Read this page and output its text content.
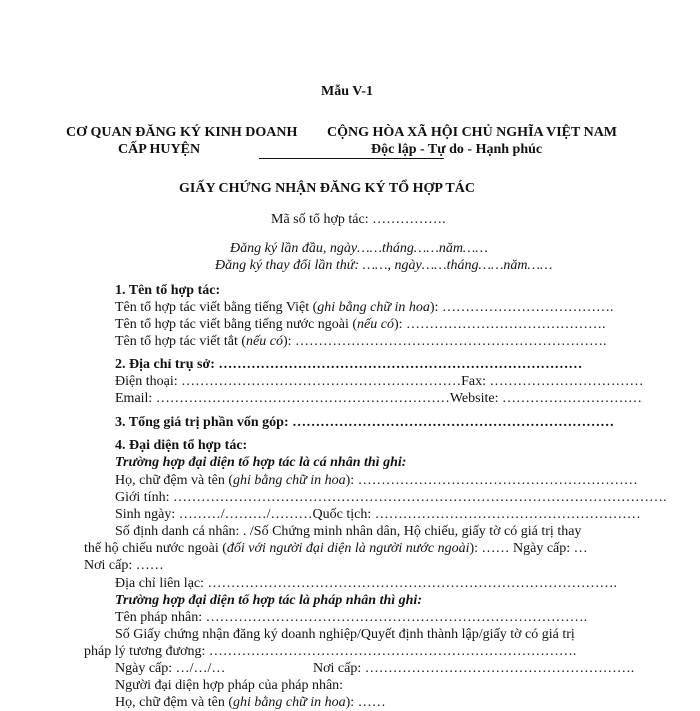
Mẫu V-1
CƠ QUAN ĐĂNG KÝ KINH DOANH
CẤP HUYỆN
CỘNG HÒA XÃ HỘI CHỦ NGHĨA VIỆT NAM
Độc lập - Tự do - Hạnh phúc
GIẤY CHỨNG NHẬN ĐĂNG KÝ TỔ HỢP TÁC
Mã số tổ hợp tác: …………….
Đăng ký lần đầu, ngày……tháng……năm……
Đăng ký thay đổi lần thứ: ……, ngày……tháng……năm……
1. Tên tổ hợp tác:
Tên tổ hợp tác viết bằng tiếng Việt (ghi bằng chữ in hoa): ……………………………….
Tên tổ hợp tác viết bằng tiếng nước ngoài (nếu có): …………………………………….
Tên tổ hợp tác viết tắt (nếu có): ………………………………………………………….
2. Địa chỉ trụ sở: ……………………………………………………………………
Điện thoại: ……………………………………………………Fax: ……………………………
Email: ………………………………………………………Website: …………………………
3. Tổng giá trị phần vốn góp: ……………………………………………………………
4. Đại diện tổ hợp tác:
Trường hợp đại diện tổ hợp tác là cá nhân thì ghi:
Họ, chữ đệm và tên (ghi bằng chữ in hoa): ……………………………………………………
Giới tính: …………………………………………………………………………………………….
Sinh ngày: ………/………/………Quốc tịch: …………………………………………………
Số định danh cá nhân: . /Số Chứng minh nhân dân, Hộ chiếu, giấy tờ có giá trị thay
thế hộ chiếu nước ngoài (đối với người đại diện là người nước ngoài): …… Ngày cấp: …
Nơi cấp: ……
Địa chỉ liên lạc: …………………………………………………………………………….
Trường hợp đại diện tổ hợp tác là pháp nhân thì ghi:
Tên pháp nhân: ……………………………………………………………………….
Số Giấy chứng nhận đăng ký doanh nghiệp/Quyết định thành lập/giấy tờ có giá trị
pháp lý tương đương: …………………………………………………………………….
Ngày cấp: …/…/…	Nơi cấp: ………………………………………………….
Người đại diện hợp pháp của pháp nhân:
Họ, chữ đệm và tên (ghi bằng chữ in hoa): ……
